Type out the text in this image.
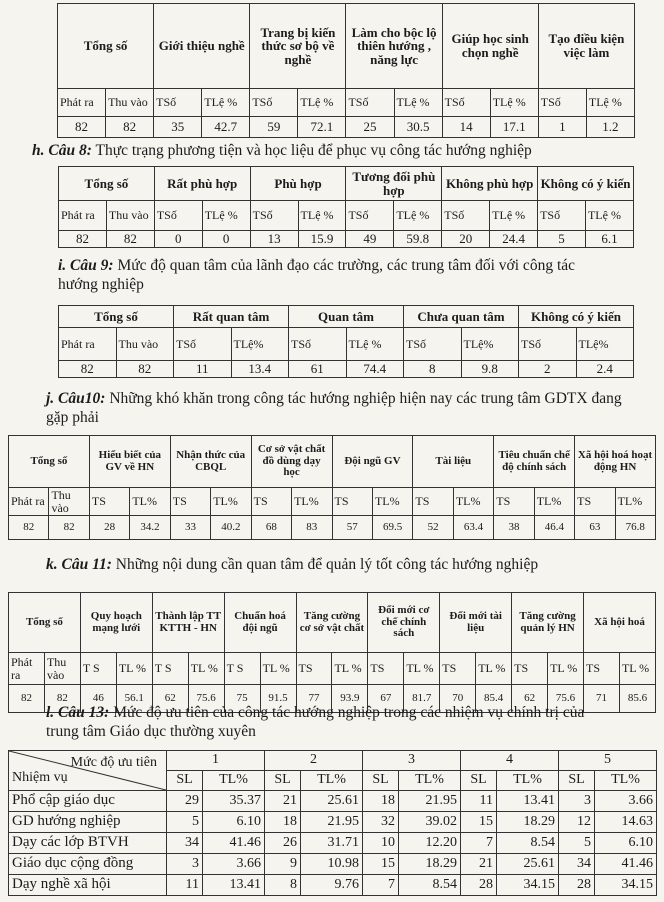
Tổng số		Giới thiệu nghề		Trang bị kiến thức sơ bộ về nghề		Làm cho bộc lộ thiên hướng , năng lực		Giúp học sinh chọn nghề		Tạo điều kiện việc làm	
Phát ra	Thu vào	TSố	TLệ %	TSố	TLệ %	TSố	TLệ %	TSố	TLệ %	TSố	TLệ %
82	82	35	42.7	59	72.1	25	30.5	14	17.1	1	1.2
h. Câu 8: Thực trạng phương tiện và học liệu để phục vụ công tác hướng nghiệp
Tổng số		Rất phù hợp		Phù hợp		Tương đối phù hợp		Không phù hợp		Không có ý kiến	
Phát ra	Thu vào	TSố	TLệ %	TSố	TLệ %	TSố	TLệ %	TSố	TLệ %	TSố	TLệ %
82	82	0	0	13	15.9	49	59.8	20	24.4	5	6.1
i. Câu 9: Mức độ quan tâm của lãnh đạo các trường, các trung tâm đối với công tác hướng nghiệp
Tổng số		Rất quan tâm		Quan tâm		Chưa quan tâm		Không có ý kiến	
Phát ra	Thu vào	TSố	TLệ%	TSố	TLệ %	TSố	TLệ%	TSố	TLệ%
82	82	11	13.4	61	74.4	8	9.8	2	2.4
j. Câu10: Những khó khăn trong công tác hướng nghiệp hiện nay các trung tâm GDTX đang gặp phải
Tổng số		Hiểu biết của GV về HN		Nhận thức của CBQL		Cơ sở vật chất đồ dùng dạy học		Đội ngũ GV		Tài liệu		Tiêu chuẩn chế độ chính sách		Xã hội hoá hoạt động HN	
Phát ra	Thu vào	TS	TL%	TS	TL%	TS	TL%	TS	TL%	TS	TL%	TS	TL%	TS	TL%
82	82	28	34.2	33	40.2	68	83	57	69.5	52	63.4	38	46.4	63	76.8
k. Câu 11: Những nội dung cần quan tâm để quản lý tốt công tác hướng nghiệp
Tổng số		Quy hoạch mạng lưới		Thành lập TT KTTH - HN		Chuẩn hoá đội ngũ		Tăng cường cơ sở vật chất		Đổi mới cơ chế chính sách		Đổi mới tài liệu		Tăng cường quản lý HN		Xã hội hoá	
Phát ra	Thu vào	T S	TL %	T S	TL %	T S	TL %	TS	TL %	TS	TL %	TS	TL %	TS	TL %	TS	TL %
82	82	46	56.1	62	75.6	75	91.5	77	93.9	67	81.7	70	85.4	62	75.6	71	85.6
l. Câu 13: Mức độ ưu tiên của công tác hướng nghiệp trong các nhiệm vụ chính trị của trung tâm Giáo dục thường xuyên
Mức độ ưu tiên
Nhiệm vụ	1		2		3		4		5	
	SL	TL%	SL	TL%	SL	TL%	SL	TL%	SL	TL%
Phổ cập giáo dục	29	35.37	21	25.61	18	21.95	11	13.41	3	3.66
GD hướng nghiệp	5	6.10	18	21.95	32	39.02	15	18.29	12	14.63
Dạy các lớp BTVH	34	41.46	26	31.71	10	12.20	7	8.54	5	6.10
Giáo dục cộng đồng	3	3.66	9	10.98	15	18.29	21	25.61	34	41.46
Dạy nghề xã hội	11	13.41	8	9.76	7	8.54	28	34.15	28	34.15
